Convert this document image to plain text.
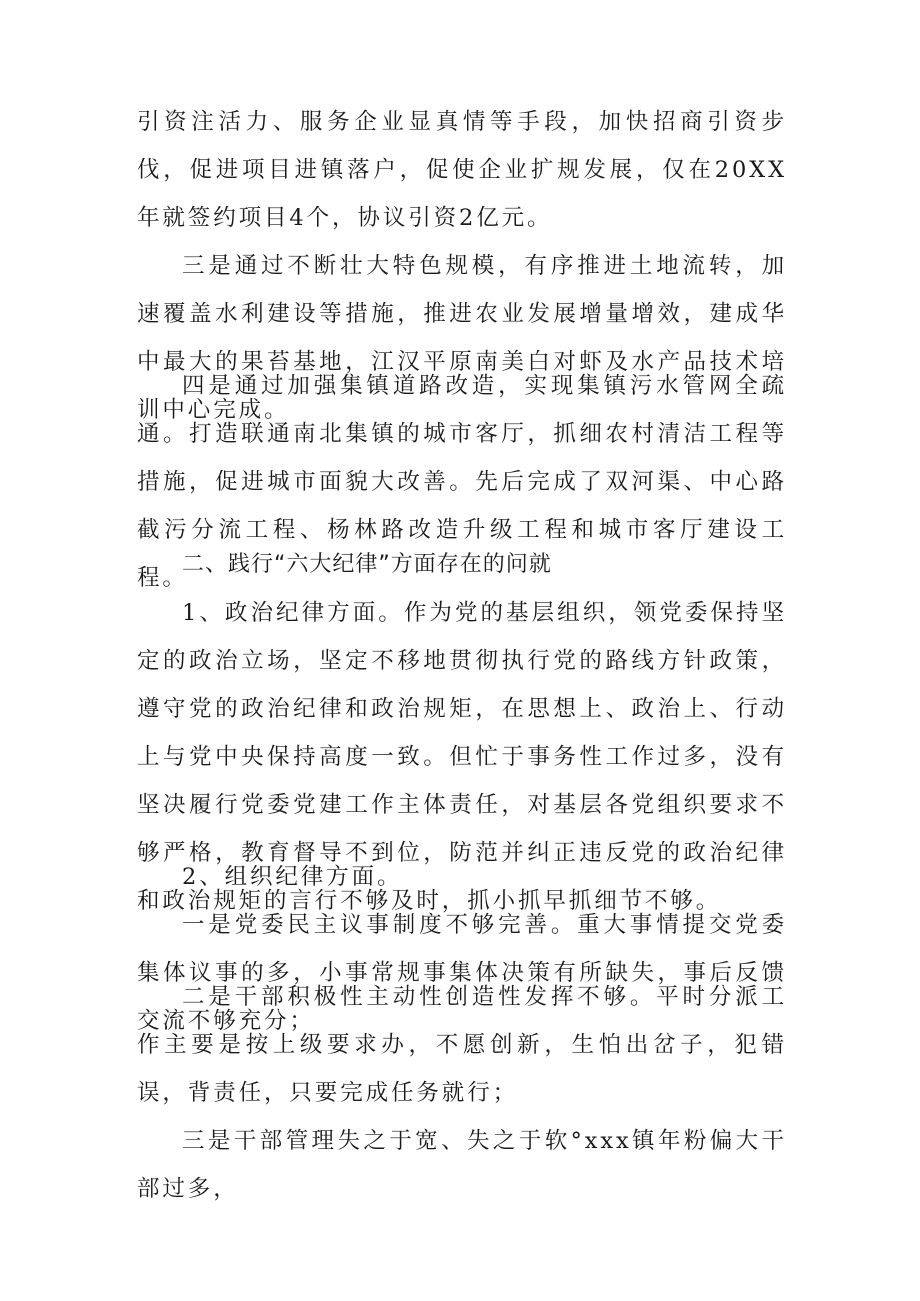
引资注活力、服务企业显真情等手段，加快招商引资步伐，促进项目进镇落户，促使企业扩规发展，仅在20XX年就签约项目4个，协议引资2亿元。
三是通过不断壮大特色规模，有序推进土地流转，加速覆盖水利建设等措施，推进农业发展增量增效，建成华中最大的果苔基地，江汉平原南美白对虾及水产品技术培训中心完成。
四是通过加强集镇道路改造，实现集镇污水管网全疏通。打造联通南北集镇的城市客厅，抓细农村清洁工程等措施，促进城市面貌大改善。先后完成了双河渠、中心路截污分流工程、杨林路改造升级工程和城市客厅建设工程。
二、践行“六大纪律”方面存在的问就
1、政治纪律方面。作为党的基层组织，领党委保持坚定的政治立场，坚定不移地贯彻执行党的路线方针政策，遵守党的政治纪律和政治规矩，在思想上、政治上、行动上与党中央保持高度一致。但忙于事务性工作过多，没有坚决履行党委党建工作主体责任，对基层各党组织要求不够严格，教育督导不到位，防范并纠正违反党的政治纪律和政治规矩的言行不够及时，抓小抓早抓细节不够。
2、组织纪律方面。
一是党委民主议事制度不够完善。重大事情提交党委集体议事的多，小事常规事集体决策有所缺失，事后反馈交流不够充分；
二是干部积极性主动性创造性发挥不够。平时分派工作主要是按上级要求办，不愿创新，生怕出岔子，犯错误，背责任，只要完成任务就行；
三是干部管理失之于宽、失之于软°xxx镇年粉偏大干部过多，
